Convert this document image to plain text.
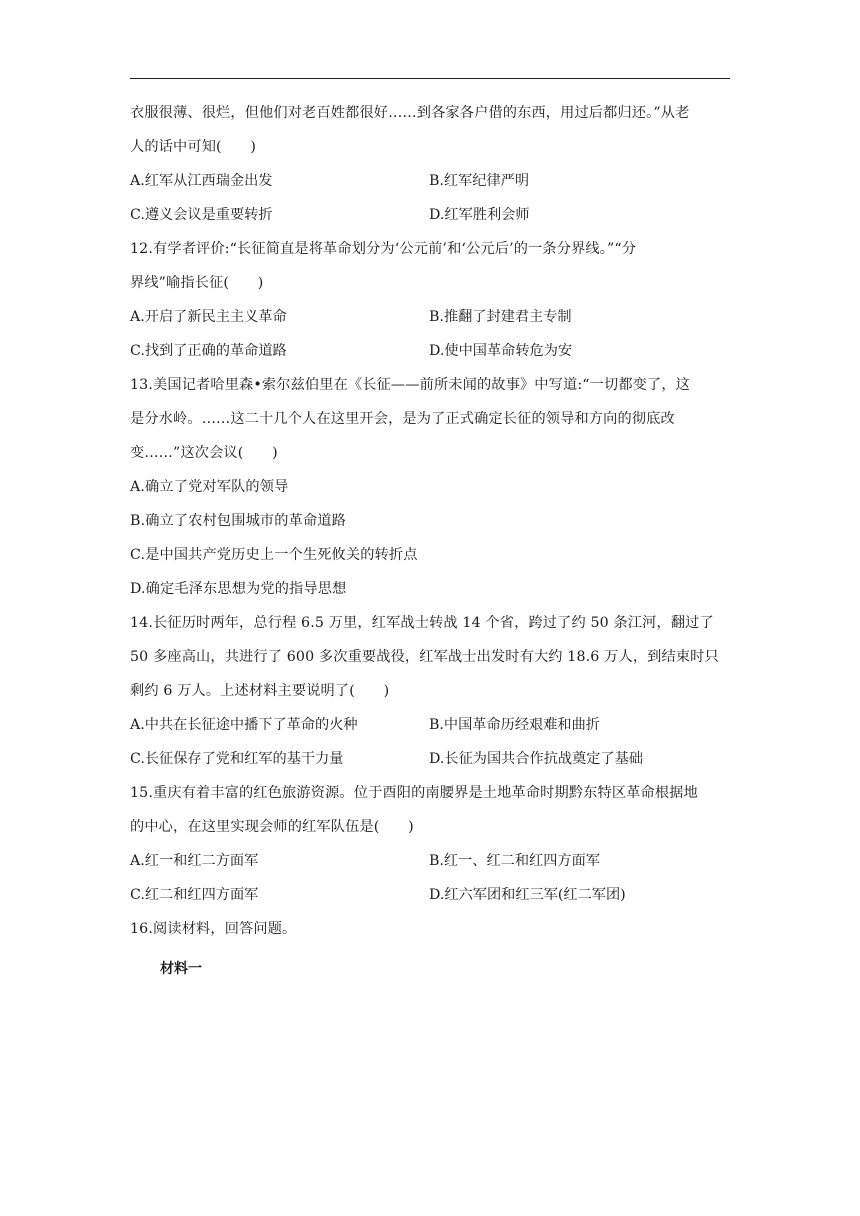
衣服很薄、很烂，但他们对老百姓都很好……到各家各户借的东西，用过后都归还。”从老
人的话中可知(　　)
A.红军从江西瑞金出发	B.红军纪律严明
C.遵义会议是重要转折	D.红军胜利会师
12.有学者评价:“长征简直是将革命划分为‘公元前’和‘公元后’的一条分界线。”“分
界线”喻指长征(　　)
A.开启了新民主主义革命	B.推翻了封建君主专制
C.找到了正确的革命道路	D.使中国革命转危为安
13.美国记者哈里森•索尔兹伯里在《长征——前所未闻的故事》中写道:“一切都变了，这
是分水岭。……这二十几个人在这里开会，是为了正式确定长征的领导和方向的彻底改
变……”这次会议(　　)
A.确立了党对军队的领导
B.确立了农村包围城市的革命道路
C.是中国共产党历史上一个生死攸关的转折点
D.确定毛泽东思想为党的指导思想
14.长征历时两年，总行程 6.5 万里，红军战士转战 14 个省，跨过了约 50 条江河，翻过了
50 多座高山，共进行了 600 多次重要战役，红军战士出发时有大约 18.6 万人，到结束时只
剩约 6 万人。上述材料主要说明了(　　)
A.中共在长征途中播下了革命的火种	B.中国革命历经艰难和曲折
C.长征保存了党和红军的基干力量	D.长征为国共合作抗战奠定了基础
15.重庆有着丰富的红色旅游资源。位于酉阳的南腰界是土地革命时期黔东特区革命根据地
的中心，在这里实现会师的红军队伍是(　　)
A.红一和红二方面军	B.红一、红二和红四方面军
C.红二和红四方面军	D.红六军团和红三军(红二军团)
16.阅读材料，回答问题。
材料一
